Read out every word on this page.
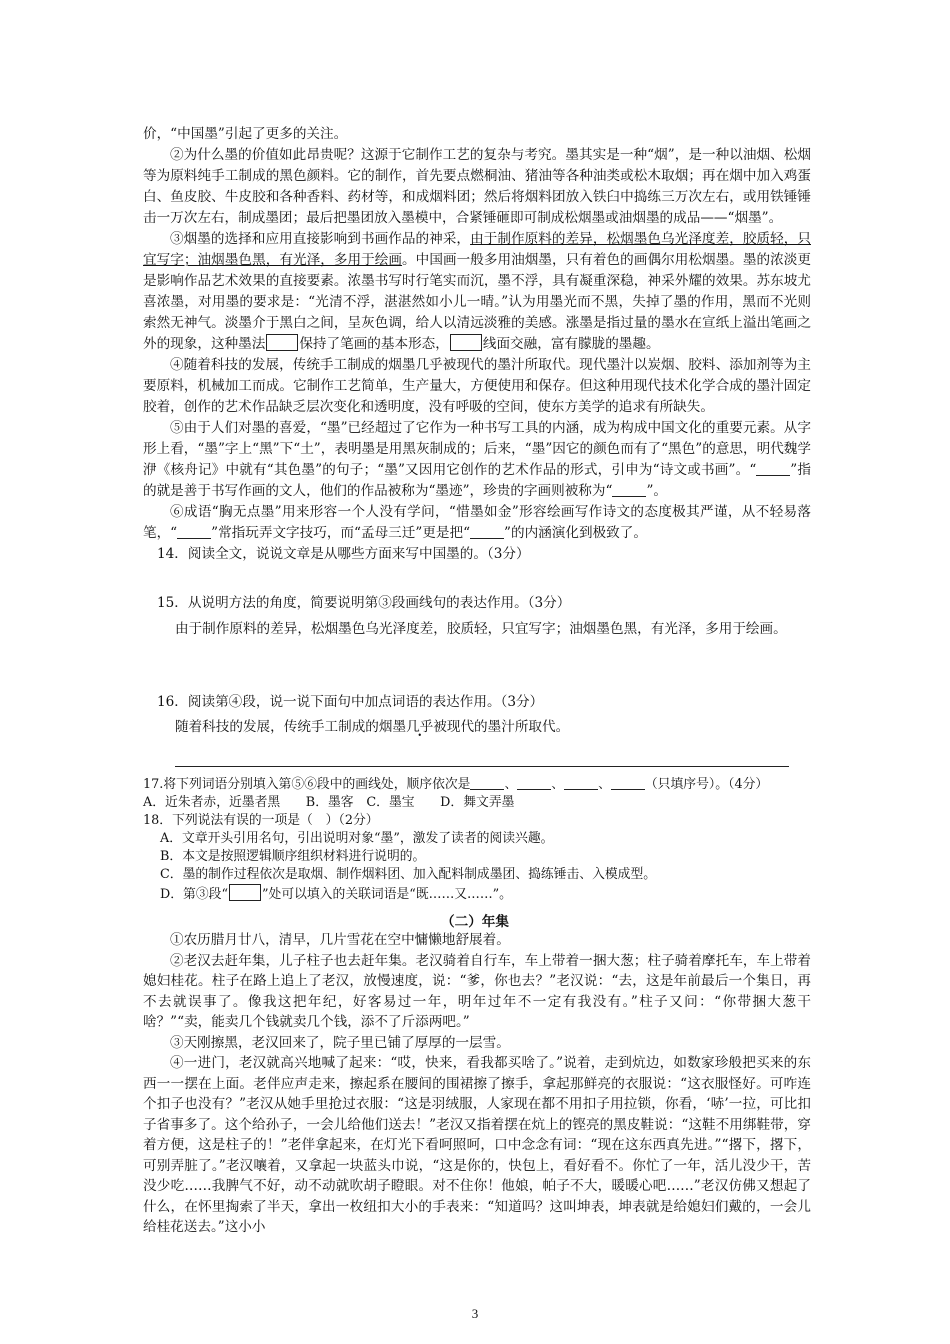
价，“中国墨”引起了更多的关注。

②为什么墨的价值如此昂贵呢？这源于它制作工艺的复杂与考究。墨其实是一种“烟”，是一种以油烟、松烟等为原料纯手工制成的黑色颜料。它的制作，首先要点燃桐油、猪油等各种油类或松木取烟；再在烟中加入鸡蛋白、鱼皮胶、牛皮胶和各种香料、药材等，和成烟料团；然后将烟料团放入铁臼中捣练三万次左右，或用铁锤锤击一万次左右，制成墨团；最后把墨团放入墨模中，合紧锤砸即可制成松烟墨或油烟墨的成品——“烟墨”。

③烟墨的选择和应用直接影响到书画作品的神采，由于制作原料的差异，松烟墨色乌光泽度差，胶质轻，只宜写字；油烟墨色黑，有光泽，多用于绘画。中国画一般多用油烟墨，只有着色的画偶尔用松烟墨。墨的浓淡更是影响作品艺术效果的直接要素。浓墨书写时行笔实而沉，墨不浮，具有凝重深稳，神采外耀的效果。苏东坡尤喜浓墨，对用墨的要求是：“光清不浮，湛湛然如小儿一晴。”认为用墨光而不黑，失掉了墨的作用，黑而不光则索然无神气。淡墨介于黑白之间，呈灰色调，给人以清远淡雅的美感。涨墨是指过量的墨水在宣纸上溢出笔画之外的现象，这种墨法	保持了笔画的基本形态，	线面交融，富有朦胧的墨趣。

④随着科技的发展，传统手工制成的烟墨几乎被现代的墨汁所取代。现代墨汁以炭烟、胶料、添加剂等为主要原料，机械加工而成。它制作工艺简单，生产量大，方便使用和保存。但这种用现代技术化学合成的墨汁固定胶着，创作的艺术作品缺乏层次变化和透明度，没有呼吸的空间，使东方美学的追求有所缺失。

⑤由于人们对墨的喜爱，“墨”已经超过了它作为一种书写工具的内涵，成为构成中国文化的重要元素。从字形上看，“墨”字上“黑”下“土”，表明墨是用黑灰制成的；后来，“墨”因它的颜色而有了“黑色”的意思，明代魏学洢《核舟记》中就有“其色墨”的句子；“墨”又因用它创作的艺术作品的形式，引申为“诗文或书画”。“	”指的就是善于书写作画的文人，他们的作品被称为“墨迹”，珍贵的字画则被称为“	”。

⑥成语“胸无点墨”用来形容一个人没有学问，“惜墨如金”形容绘画写作诗文的态度极其严谨，从不轻易落笔，“	”常指玩弄文字技巧，而“孟母三迁”更是把“	”的内涵演化到极致了。

14．阅读全文，说说文章是从哪些方面来写中国墨的。（3分）
15．从说明方法的角度，简要说明第③段画线句的表达作用。（3分）
由于制作原料的差异，松烟墨色乌光泽度差，胶质轻，只宜写字；油烟墨色黑，有光泽，多用于绘画。
16．阅读第④段，说一说下面句中加点词语的表达作用。（3分）
随着科技的发展，传统手工制成的烟墨几乎被现代的墨汁所取代。
17.将下列词语分别填入第⑤⑥段中的画线处，顺序依次是	、	、	、	（只填序号）。（4分）
A．近朱者赤，近墨者黑　　B．墨客　C．墨宝　　D．舞文弄墨
18．下列说法有误的一项是（　）（2分）
A．文章开头引用名句，引出说明对象“墨”，激发了读者的阅读兴趣。
B．本文是按照逻辑顺序组织材料进行说明的。
C．墨的制作过程依次是取烟、制作烟料团、加入配料制成墨团、捣练锤击、入模成型。
D．第③段“	”处可以填入的关联词语是“既……又……”。
（二）年集

①农历腊月廿八，清早，几片雪花在空中慵懒地舒展着。

②老汉去赶年集，儿子柱子也去赶年集。老汉骑着自行车，车上带着一捆大葱；柱子骑着摩托车，车上带着媳妇桂花。柱子在路上追上了老汉，放慢速度，说：“爹，你也去？”老汉说：“去，这是年前最后一个集日，再不去就误事了。像我这把年纪，好客易过一年，明年过年不一定有我没有。”柱子又问：“你带捆大葱干啥？”“卖，能卖几个钱就卖几个钱，添不了斤添两吧。”

③天刚擦黑，老汉回来了，院子里已铺了厚厚的一层雪。

④一进门，老汉就高兴地喊了起来：“哎，快来，看我都买啥了。”说着，走到炕边，如数家珍般把买来的东西一一摆在上面。老伴应声走来，擦起系在腰间的围裙擦了擦手，拿起那鲜亮的衣服说：“这衣服怪好。可咋连个扣子也没有？”老汉从她手里抢过衣服：“这是羽绒服，人家现在都不用扣子用拉锁，你看，‘哧’一拉，可比扣子省事多了。这个给孙子，一会儿给他们送去！”老汉又指着摆在炕上的铿亮的黑皮鞋说：“这鞋不用绑鞋带，穿着方便，这是柱子的！”老伴拿起来，在灯光下看呵照呵，口中念念有词：“现在这东西真先进。”“撂下，撂下，可别弄脏了。”老汉嚷着，又拿起一块蓝头巾说，“这是你的，快包上，看好看不。你忙了一年，活儿没少干，苦没少吃……我脾气不好，动不动就吹胡子瞪眼。对不住你！他娘，帕子不大，暖暖心吧……”老汉仿佛又想起了什么，在怀里掏索了半天，拿出一枚纽扣大小的手表来：“知道吗？这叫坤表，坤表就是给媳妇们戴的，一会儿给桂花送去。”这小小

3
